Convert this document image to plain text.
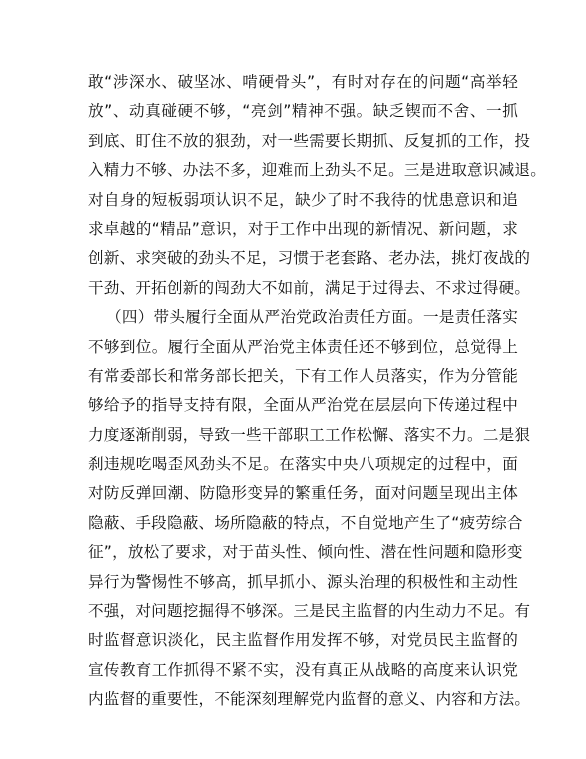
敢“涉深水、破坚冰、啃硬骨头”，有时对存在的问题“高举轻
放”、动真碰硬不够，“亮剑”精神不强。缺乏锲而不舍、一抓
到底、盯住不放的狠劲，对一些需要长期抓、反复抓的工作，投
入精力不够、办法不多，迎难而上劲头不足。三是进取意识减退。
对自身的短板弱项认识不足，缺少了时不我待的忧患意识和追
求卓越的“精品”意识，对于工作中出现的新情况、新问题，求
创新、求突破的劲头不足，习惯于老套路、老办法，挑灯夜战的
干劲、开拓创新的闯劲大不如前，满足于过得去、不求过得硬。
（四）带头履行全面从严治党政治责任方面。一是责任落实
不够到位。履行全面从严治党主体责任还不够到位，总觉得上
有常委部长和常务部长把关，下有工作人员落实，作为分管能
够给予的指导支持有限，全面从严治党在层层向下传递过程中
力度逐渐削弱，导致一些干部职工工作松懈、落实不力。二是狠
刹违规吃喝歪风劲头不足。在落实中央八项规定的过程中，面
对防反弹回潮、防隐形变异的繁重任务，面对问题呈现出主体
隐蔽、手段隐蔽、场所隐蔽的特点，不自觉地产生了“疲劳综合
征”，放松了要求，对于苗头性、倾向性、潜在性问题和隐形变
异行为警惕性不够高，抓早抓小、源头治理的积极性和主动性
不强，对问题挖掘得不够深。三是民主监督的内生动力不足。有
时监督意识淡化，民主监督作用发挥不够，对党员民主监督的
宣传教育工作抓得不紧不实，没有真正从战略的高度来认识党
内监督的重要性，不能深刻理解党内监督的意义、内容和方法。
